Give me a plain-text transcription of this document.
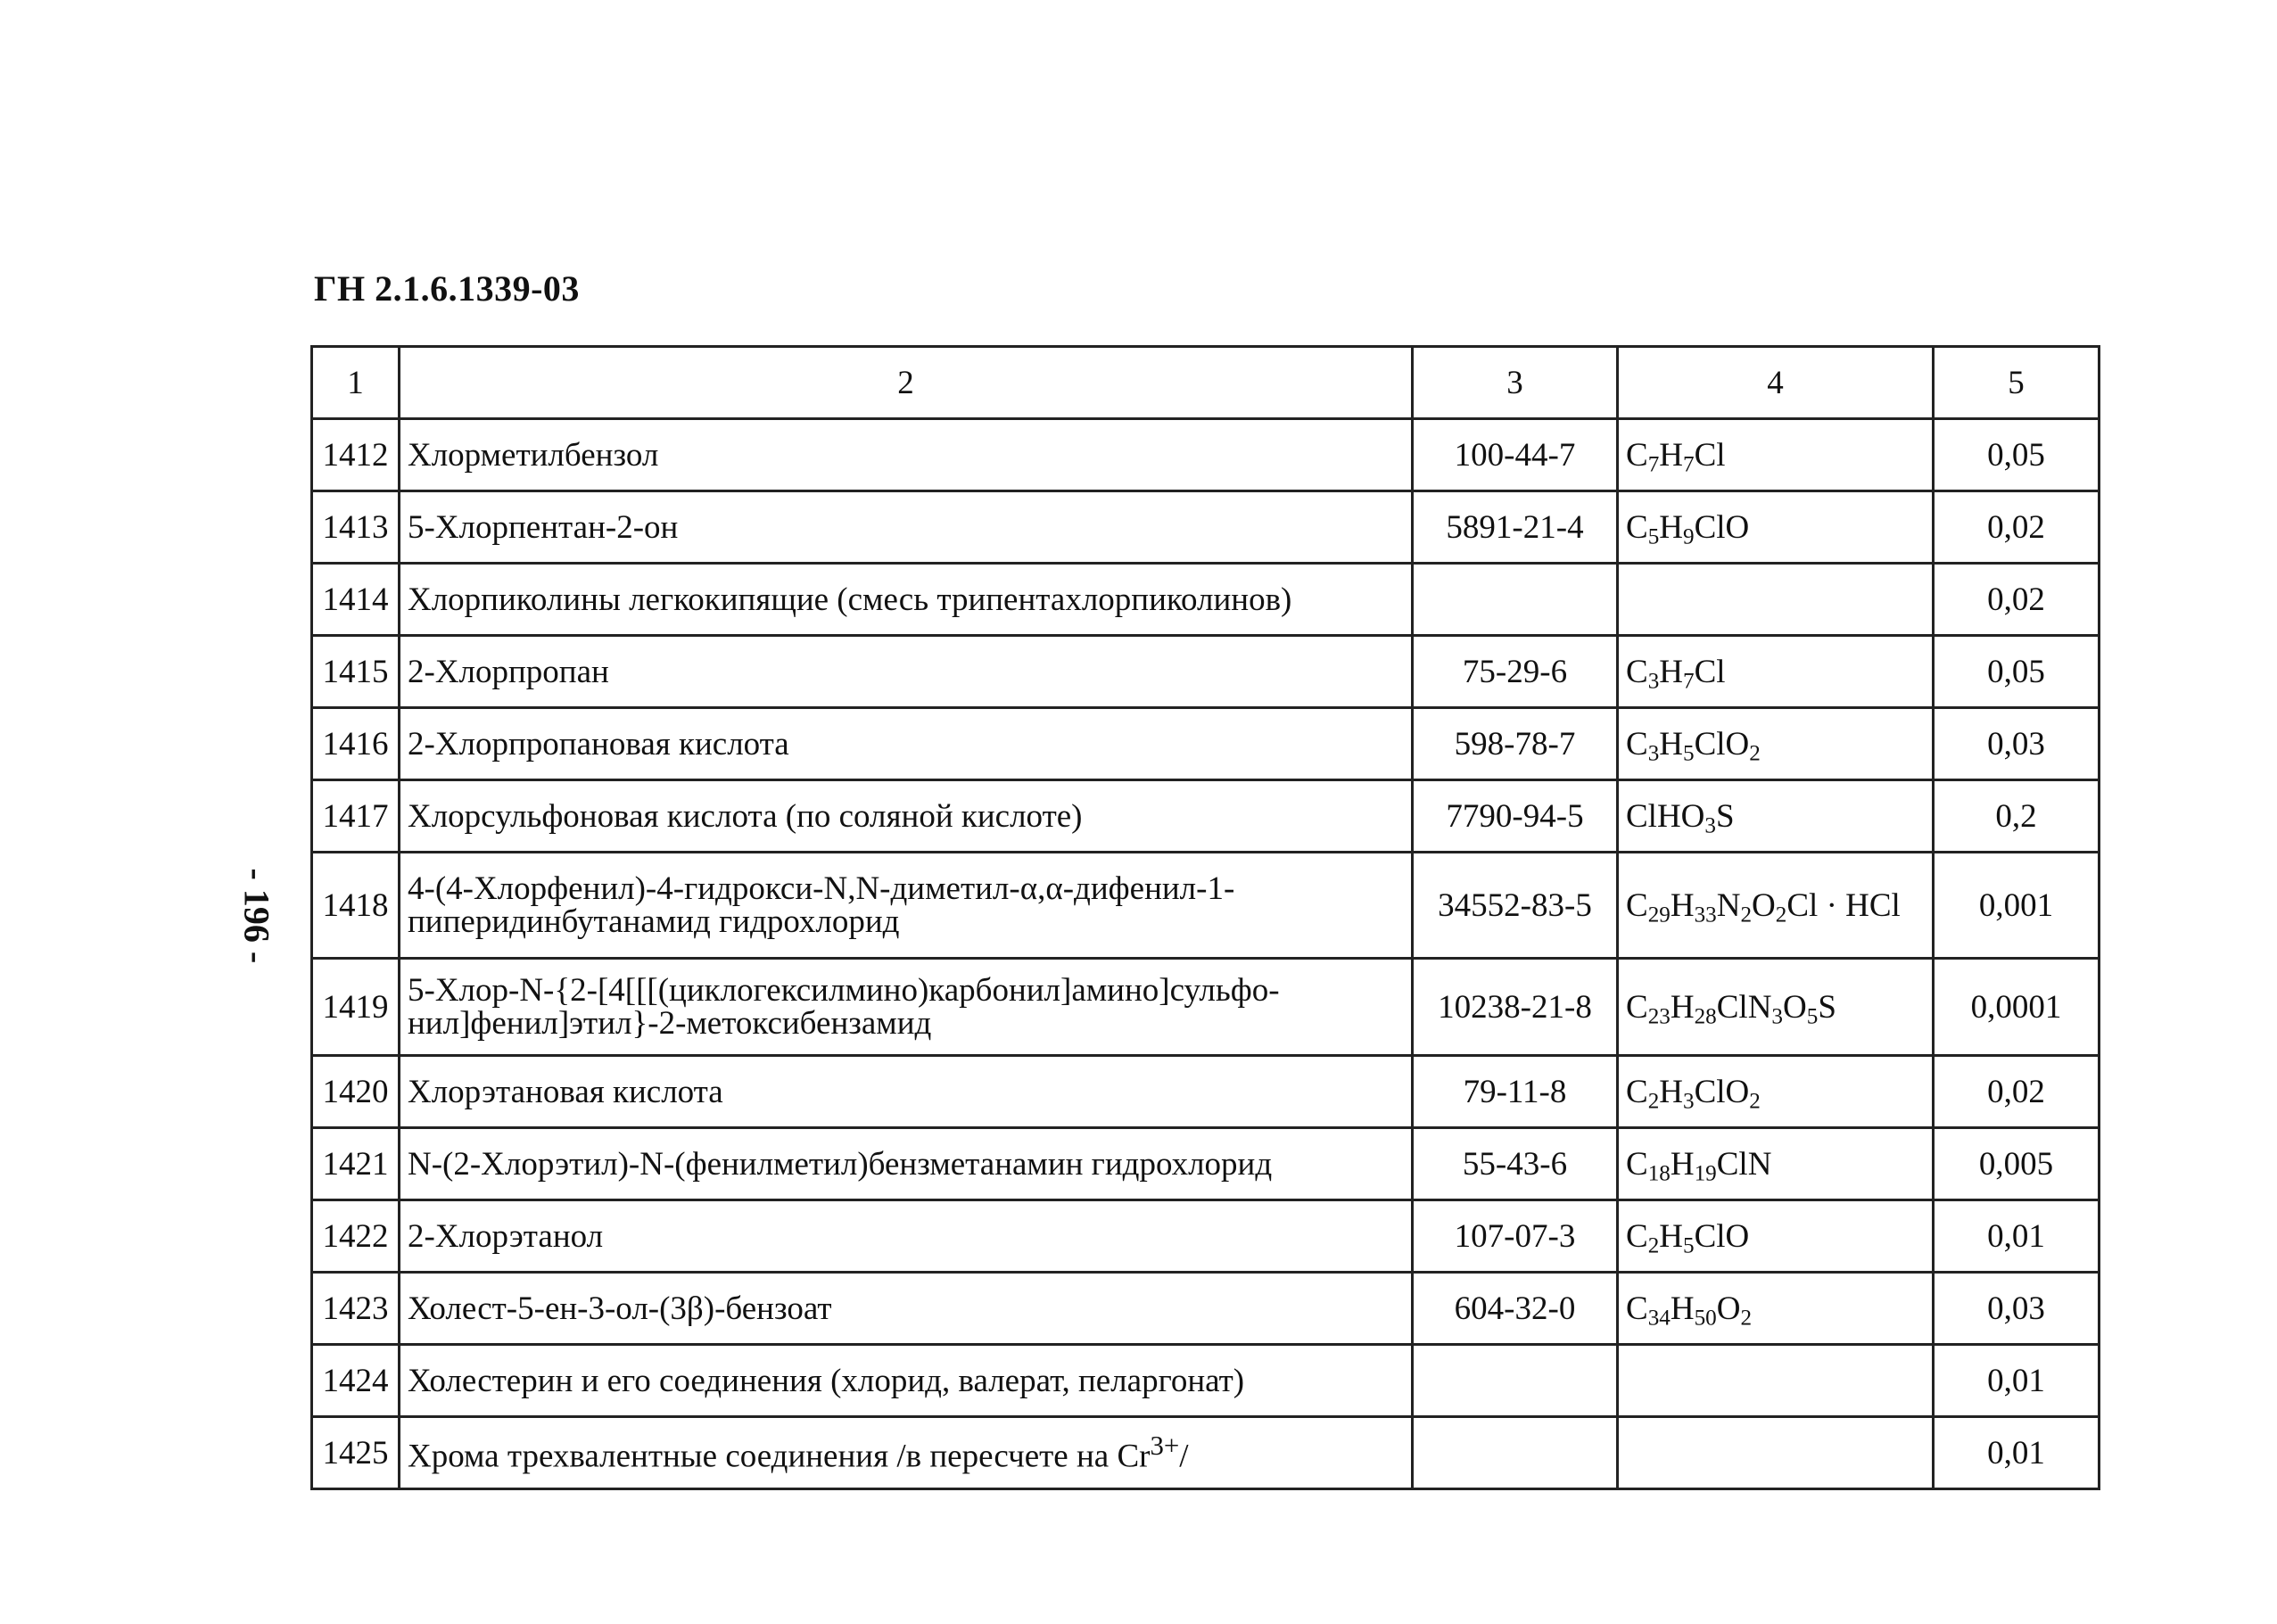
ГН 2.1.6.1339-03
- 196 -
1	2	3	4	5
1412	Хлорметилбензол	100-44-7	$C_7H_7Cl$	0,05
1413	5-Хлорпентан-2-он	5891-21-4	$C_5H_9ClO$	0,02
1414	Хлорпиколины легкокипящие (смесь трипентахлорпиколинов)			0,02
1415	2-Хлорпропан	75-29-6	$C_3H_7Cl$	0,05
1416	2-Хлорпропановая кислота	598-78-7	$C_3H_5ClO_2$	0,03
1417	Хлорсульфоновая кислота (по соляной кислоте)	7790-94-5	ClHO$_3$S	0,2
1418	4-(4-Хлорфенил)-4-гидрокси-N,N-диметил-α,α-дифенил-1-пиперидинбутанамид гидрохлорид	34552-83-5	$C_{29}H_{33}N_2O_2Cl$ · HCl	0,001
1419	5-Хлор-N-{2-[4[[[(циклогексилмино)карбонил]амино]сульфо-нил]фенил]этил}-2-метоксибензамид	10238-21-8	$C_{23}H_{28}ClN_3O_5S$	0,0001
1420	Хлорэтановая кислота	79-11-8	$C_2H_3ClO_2$	0,02
1421	N-(2-Хлорэтил)-N-(фенилметил)бензметанамин гидрохлорид	55-43-6	$C_{18}H_{19}ClN$	0,005
1422	2-Хлорэтанол	107-07-3	$C_2H_5ClO$	0,01
1423	Холест-5-ен-3-ол-(3β)-бензоат	604-32-0	$C_{34}H_{50}O_2$	0,03
1424	Холестерин и его соединения (хлорид, валерат, пеларгонат)			0,01
1425	Хрома трехвалентные соединения /в пересчете на $Cr^{3+}/$			0,01
